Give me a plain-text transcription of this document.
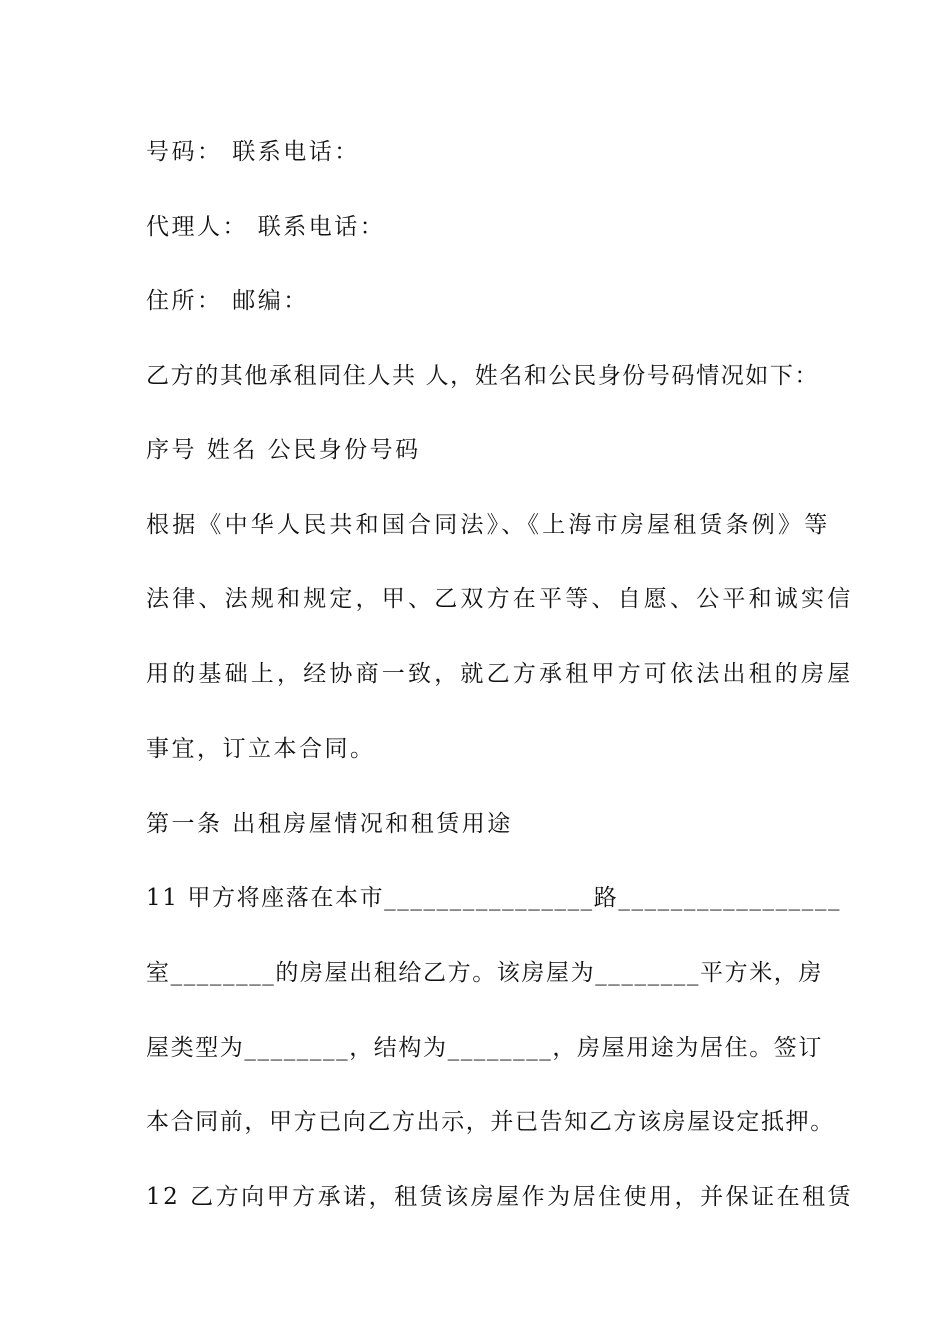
号码： 联系电话：
代理人： 联系电话：
住所： 邮编：
乙方的其他承租同住人共 人，姓名和公民身份号码情况如下：
序号 姓名 公民身份号码
根据《中华人民共和国合同法》、《上海市房屋租赁条例》等
法律、法规和规定，甲、乙双方在平等、自愿、公平和诚实信
用的基础上，经协商一致，就乙方承租甲方可依法出租的房屋
事宜，订立本合同。
第一条 出租房屋情况和租赁用途
11 甲方将座落在本市________________路_________________
室________的房屋出租给乙方。该房屋为________平方米，房
屋类型为________，结构为________，房屋用途为居住。签订
本合同前，甲方已向乙方出示，并已告知乙方该房屋设定抵押。
12 乙方向甲方承诺，租赁该房屋作为居住使用，并保证在租赁
